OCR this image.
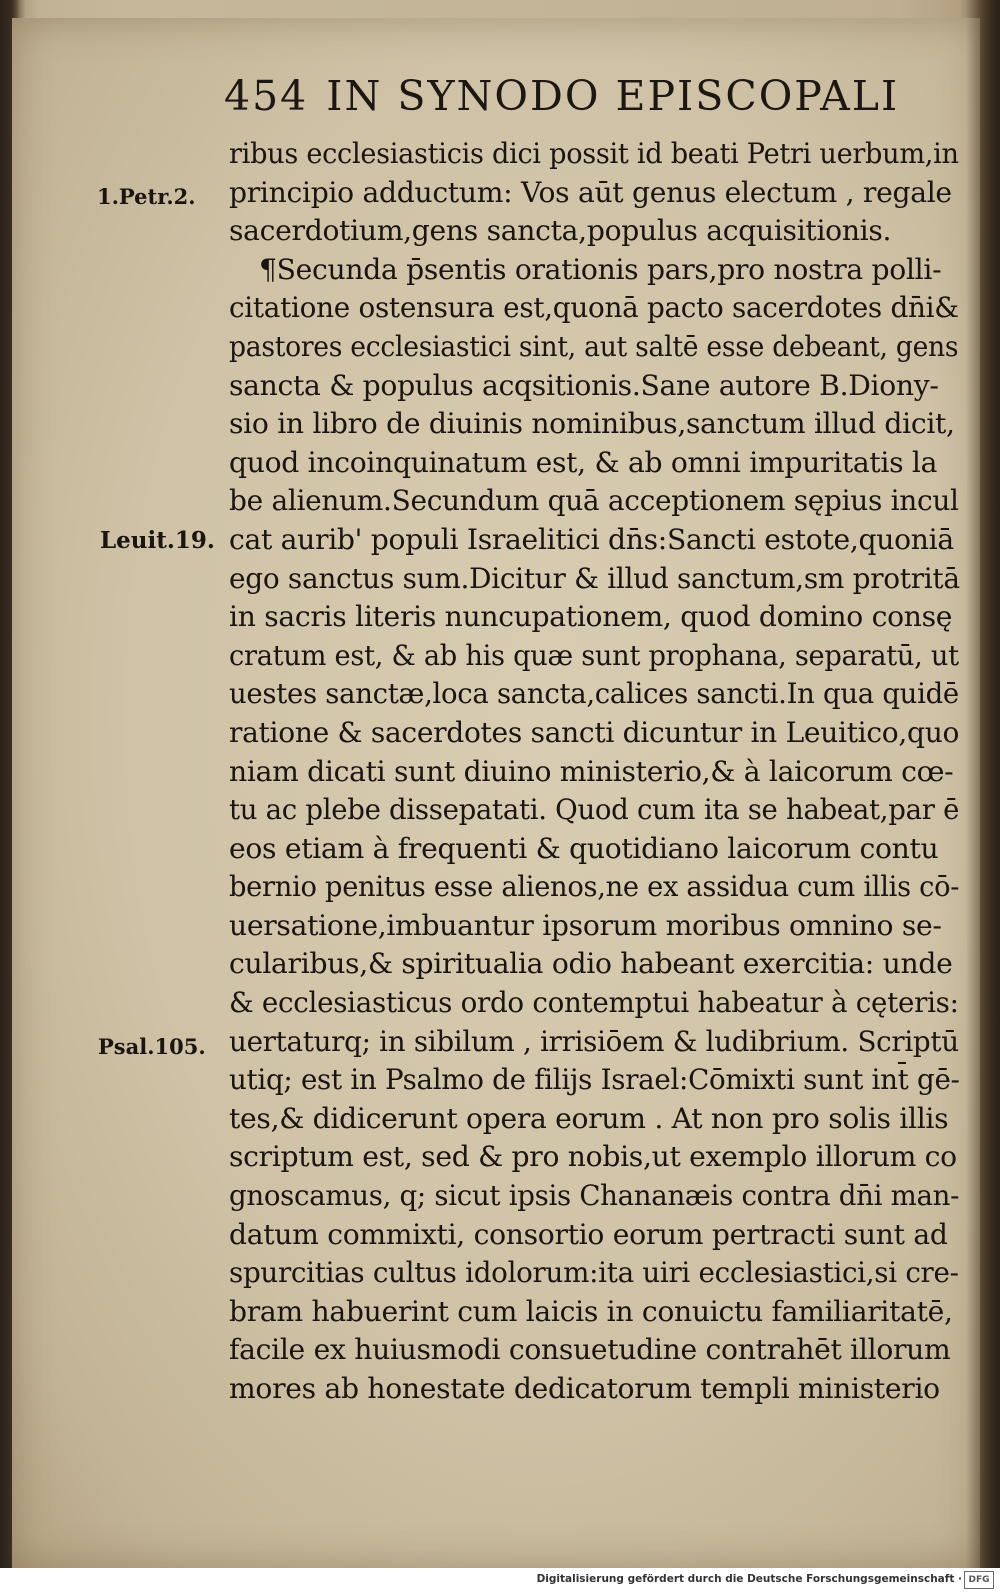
454 IN SYNODO EPISCOPALI
1.Petr.2.
Leuit.19.
Psal.105.
ribus ecclesiasticis dici possit id beati Petri uerbum,in
principio adductum: Vos aūt genus electum , regale
sacerdotium,gens sancta,populus acquisitionis.
¶Secunda p̄sentis orationis pars,pro nostra polli-
citatione ostensura est,quonā pacto sacerdotes dn̄i&
pastores ecclesiastici sint, aut saltē esse debeant, gens
sancta & populus acqsitionis.Sane autore B.Diony-
sio in libro de diuinis nominibus,sanctum illud dicit,
quod incoinquinatum est, & ab omni impuritatis la
be alienum.Secundum quā acceptionem sępius incul
cat aurib' populi Israelitici dn̄s:Sancti estote,quoniā
ego sanctus sum.Dicitur & illud sanctum,sm protritā
in sacris literis nuncupationem, quod domino consę
cratum est, & ab his quæ sunt prophana, separatū, ut
uestes sanctæ,loca sancta,calices sancti.In qua quidē
ratione & sacerdotes sancti dicuntur in Leuitico,quo
niam dicati sunt diuino ministerio,& à laicorum cœ-
tu ac plebe dissepatati. Quod cum ita se habeat,par ē
eos etiam à frequenti & quotidiano laicorum contu
bernio penitus esse alienos,ne ex assidua cum illis cō-
uersatione,imbuantur ipsorum moribus omnino se-
cularibus,& spiritualia odio habeant exercitia: unde
& ecclesiasticus ordo contemptui habeatur à cęteris:
uertaturq; in sibilum , irrisiōem & ludibrium. Scriptū
utiq; est in Psalmo de filijs Israel:Cōmixti sunt int̄ gē-
tes,& didicerunt opera eorum . At non pro solis illis
scriptum est, sed & pro nobis,ut exemplo illorum co
gnoscamus, q; sicut ipsis Chananæis contra dn̄i man-
datum commixti, consortio eorum pertracti sunt ad
spurcitias cultus idolorum:ita uiri ecclesiastici,si cre-
bram habuerint cum laicis in conuictu familiaritatē,
facile ex huiusmodi consuetudine contrahēt illorum
mores ab honestate dedicatorum templi ministerio
Digitalisierung gefördert durch die Deutsche Forschungsgemeinschaft · DFG
